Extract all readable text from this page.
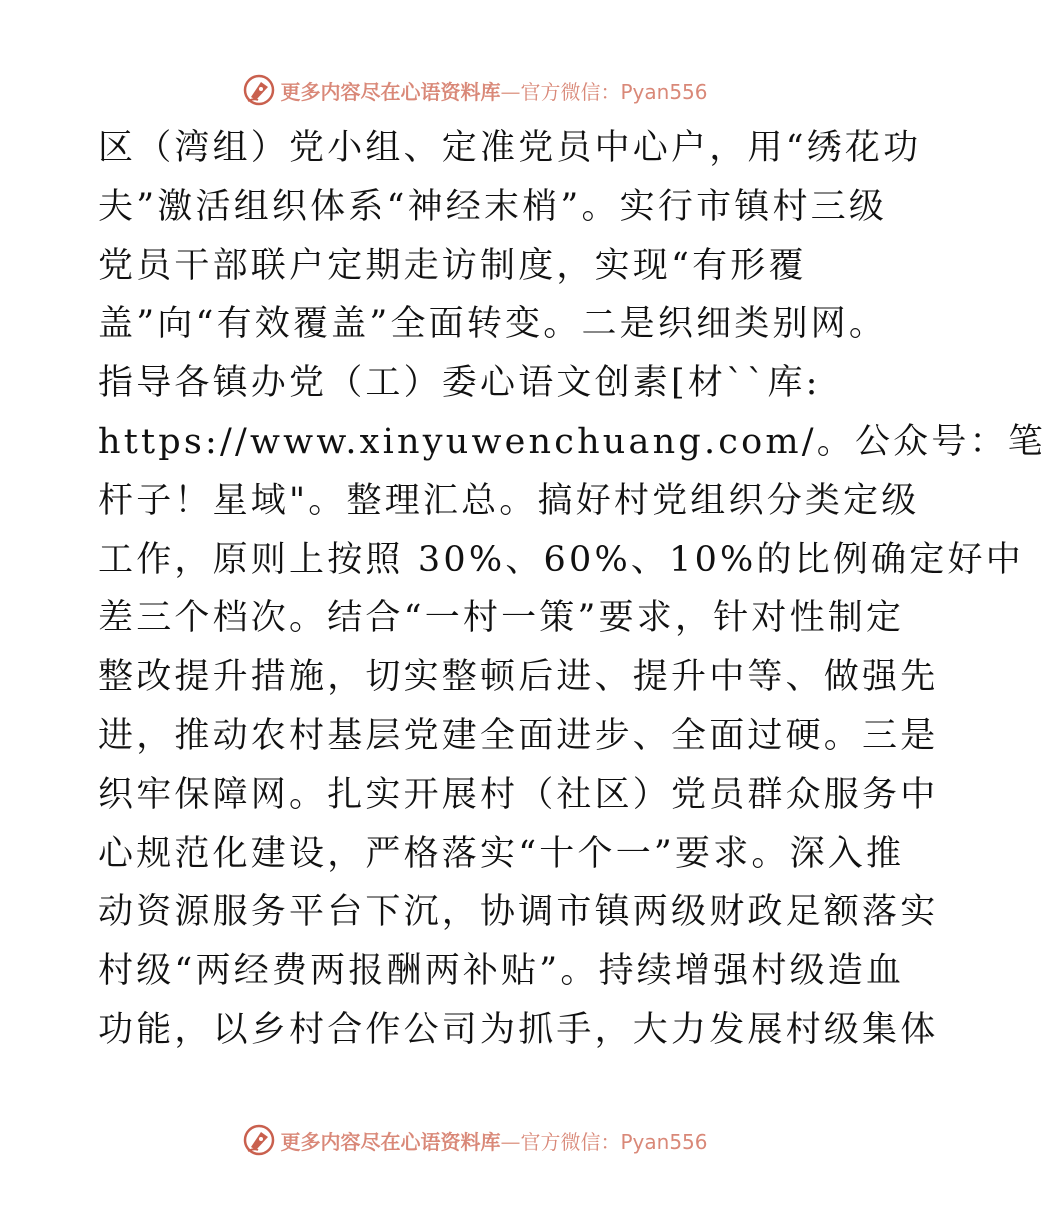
更多内容尽在心语资料库—官方微信：Pyan556
区（湾组）党小组、定准党员中心户，用“绣花功
夫”激活组织体系“神经末梢”。实行市镇村三级
党员干部联户定期走访制度，实现“有形覆
盖”向“有效覆盖”全面转变。二是织细类别网。
指导各镇办党（工）委心语文创素[材``库:
https://www.xinyuwenchuang.com/。公众号：笔
杆子！星域"。整理汇总。搞好村党组织分类定级
工作，原则上按照 30%、60%、10%的比例确定好中
差三个档次。结合“一村一策”要求，针对性制定
整改提升措施，切实整顿后进、提升中等、做强先
进，推动农村基层党建全面进步、全面过硬。三是
织牢保障网。扎实开展村（社区）党员群众服务中
心规范化建设，严格落实“十个一”要求。深入推
动资源服务平台下沉，协调市镇两级财政足额落实
村级“两经费两报酬两补贴”。持续增强村级造血
功能，以乡村合作公司为抓手，大力发展村级集体
更多内容尽在心语资料库—官方微信：Pyan556
